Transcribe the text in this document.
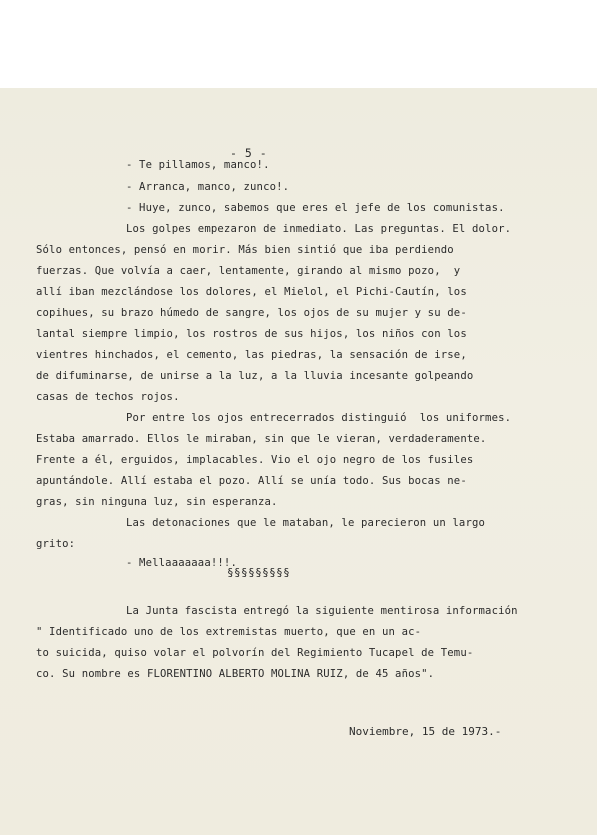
- 5 -
- Te pillamos, manco!.
- Arranca, manco, zunco!.
- Huye, zunco, sabemos que eres el jefe de los comunistas.
Los golpes empezaron de inmediato. Las preguntas. El dolor.
Sólo entonces, pensó en morir. Más bien sintió que iba perdiendo
fuerzas. Que volvía a caer, lentamente, girando al mismo pozo,  y
allí iban mezclándose los dolores, el Mielol, el Pichi-Cautín, los
copihues, su brazo húmedo de sangre, los ojos de su mujer y su de-
lantal siempre limpio, los rostros de sus hijos, los niños con los
vientres hinchados, el cemento, las piedras, la sensación de irse,
de difuminarse, de unirse a la luz, a la lluvia incesante golpeando
casas de techos rojos.
Por entre los ojos entrecerrados distinguió  los uniformes.
Estaba amarrado. Ellos le miraban, sin que le vieran, verdaderamente.
Frente a él, erguidos, implacables. Vio el ojo negro de los fusiles
apuntándole. Allí estaba el pozo. Allí se unía todo. Sus bocas ne-
gras, sin ninguna luz, sin esperanza.
Las detonaciones que le mataban, le parecieron un largo
grito:
- Mellaaaaaaa!!!.
La Junta fascista entregó la siguiente mentirosa información
" Identificado uno de los extremistas muerto, que en un ac-
to suicida, quiso volar el polvorín del Regimiento Tucapel de Temu-
co. Su nombre es FLORENTINO ALBERTO MOLINA RUIZ, de 45 años".
§§§§§§§§§
Noviembre, 15 de 1973.-
